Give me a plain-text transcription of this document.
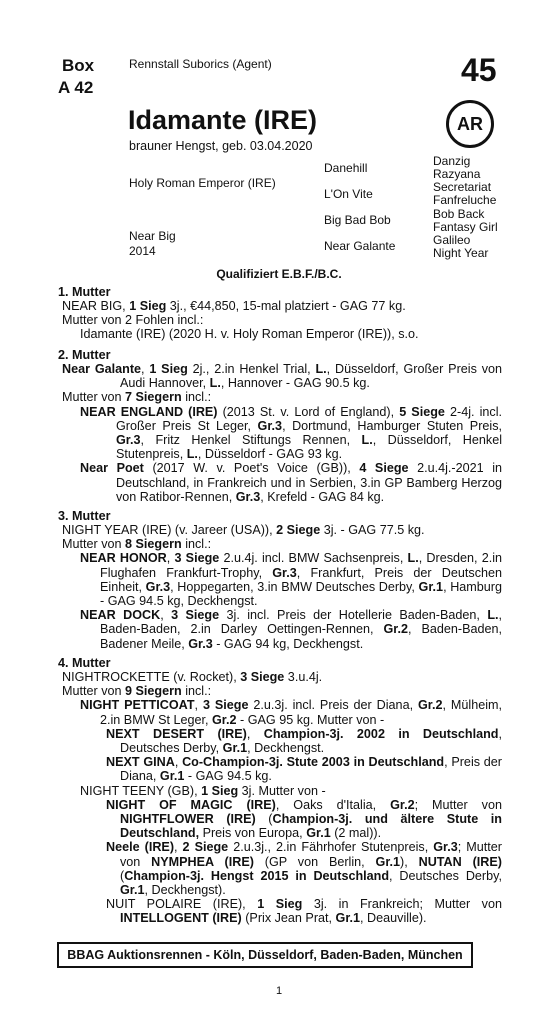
Box
A 42
Rennstall Suborics (Agent)	45
Idamante (IRE)
brauner Hengst, geb. 03.04.2020
AR
Holy Roman Emperor (IRE)
Near Big
2014
Danehill
L'On Vite
Big Bad Bob
Near Galante
Danzig
Razyana
Secretariat
Fanfreluche
Bob Back
Fantasy Girl
Galileo
Night Year
Qualifiziert E.B.F./B.C.
1. Mutter
NEAR BIG, 1 Sieg 3j., €44,850, 15-mal platziert - GAG 77 kg.
Mutter von 2 Fohlen incl.:
Idamante (IRE) (2020 H. v. Holy Roman Emperor (IRE)), s.o.
2. Mutter
Near Galante, 1 Sieg 2j., 2.in Henkel Trial, L., Düsseldorf, Großer Preis von Audi Hannover, L., Hannover - GAG 90.5 kg.
Mutter von 7 Siegern incl.:
NEAR ENGLAND (IRE) (2013 St. v. Lord of England), 5 Siege 2-4j. incl. Großer Preis St Leger, Gr.3, Dortmund, Hamburger Stuten Preis, Gr.3, Fritz Henkel Stiftungs Rennen, L., Düsseldorf, Henkel Stutenpreis, L., Düsseldorf - GAG 93 kg.
Near Poet (2017 W. v. Poet's Voice (GB)), 4 Siege 2.u.4j.-2021 in Deutschland, in Frankreich und in Serbien, 3.in GP Bamberg Herzog von Ratibor-Rennen, Gr.3, Krefeld - GAG 84 kg.
3. Mutter
NIGHT YEAR (IRE) (v. Jareer (USA)), 2 Siege 3j. - GAG 77.5 kg.
Mutter von 8 Siegern incl.:
NEAR HONOR, 3 Siege 2.u.4j. incl. BMW Sachsenpreis, L., Dresden, 2.in Flughafen Frankfurt-Trophy, Gr.3, Frankfurt, Preis der Deutschen Einheit, Gr.3, Hoppegarten, 3.in BMW Deutsches Derby, Gr.1, Hamburg - GAG 94.5 kg, Deckhengst.
NEAR DOCK, 3 Siege 3j. incl. Preis der Hotellerie Baden-Baden, L., Baden-Baden, 2.in Darley Oettingen-Rennen, Gr.2, Baden-Baden, Badener Meile, Gr.3 - GAG 94 kg, Deckhengst.
4. Mutter
NIGHTROCKETTE (v. Rocket), 3 Siege 3.u.4j.
Mutter von 9 Siegern incl.:
NIGHT PETTICOAT, 3 Siege 2.u.3j. incl. Preis der Diana, Gr.2, Mülheim, 2.in BMW St Leger, Gr.2 - GAG 95 kg. Mutter von -
NEXT DESERT (IRE), Champion-3j. 2002 in Deutschland, Deutsches Derby, Gr.1, Deckhengst.
NEXT GINA, Co-Champion-3j. Stute 2003 in Deutschland, Preis der Diana, Gr.1 - GAG 94.5 kg.
NIGHT TEENY (GB), 1 Sieg 3j. Mutter von -
NIGHT OF MAGIC (IRE), Oaks d'Italia, Gr.2; Mutter von NIGHTFLOWER (IRE) (Champion-3j. und ältere Stute in Deutschland, Preis von Europa, Gr.1 (2 mal)).
Neele (IRE), 2 Siege 2.u.3j., 2.in Fährhofer Stutenpreis, Gr.3; Mutter von NYMPHEA (IRE) (GP von Berlin, Gr.1), NUTAN (IRE) (Champion-3j. Hengst 2015 in Deutschland, Deutsches Derby, Gr.1, Deckhengst).
NUIT POLAIRE (IRE), 1 Sieg 3j. in Frankreich; Mutter von INTELLOGENT (IRE) (Prix Jean Prat, Gr.1, Deauville).
BBAG Auktionsrennen - Köln, Düsseldorf, Baden-Baden, München
1
